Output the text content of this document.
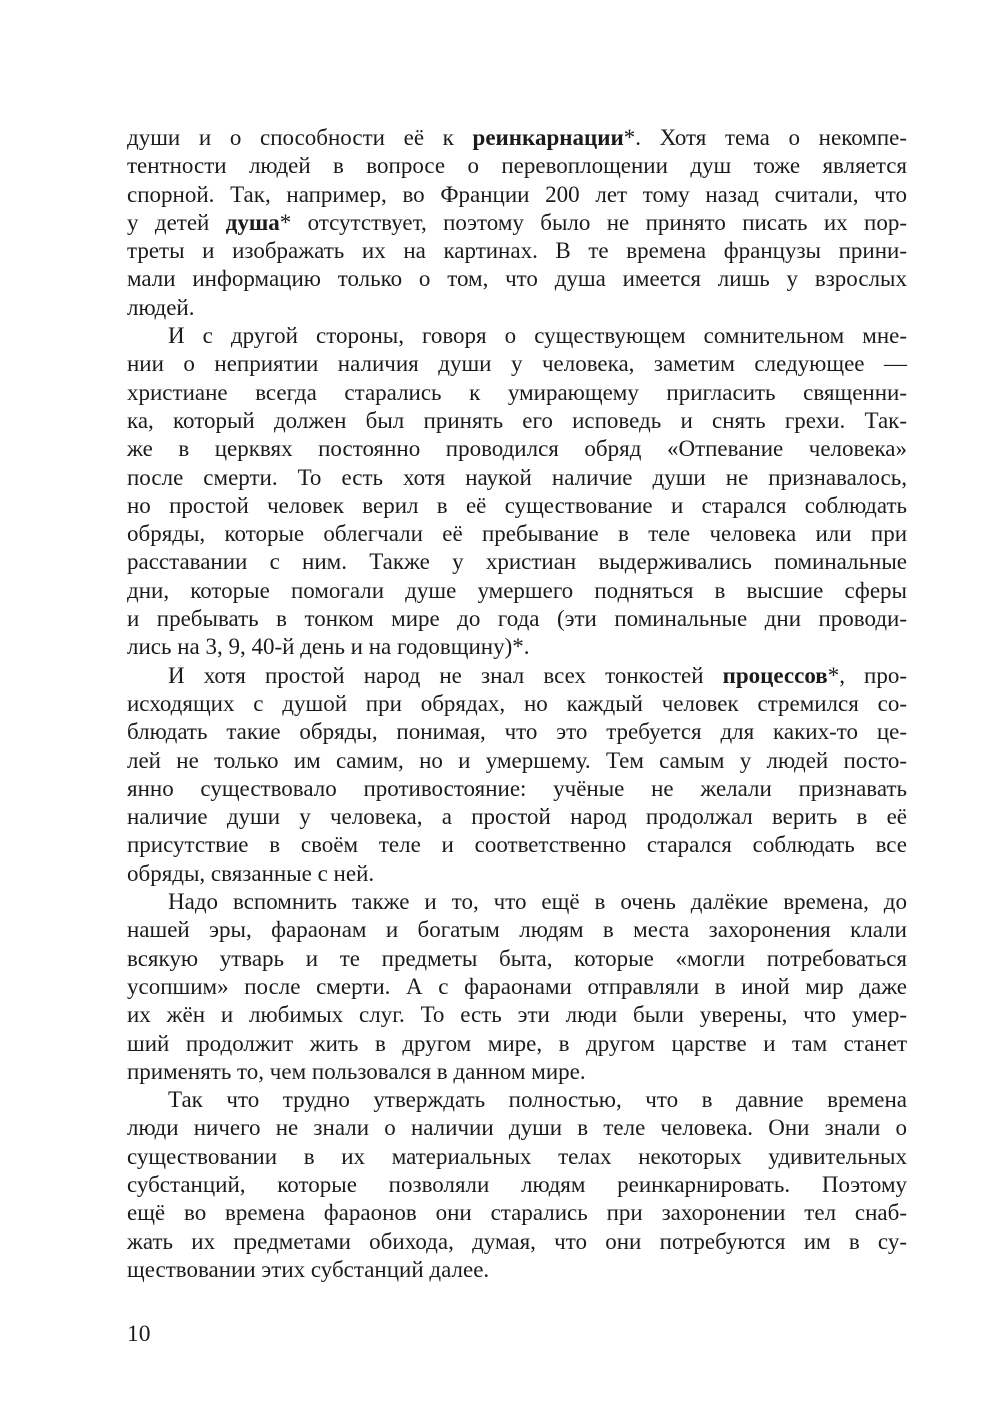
души и о способности её к реинкарнации*. Хотя тема о некомпе-
тентности людей в вопросе о перевоплощении душ тоже является
спорной. Так, например, во Франции 200 лет тому назад считали, что
у детей душа* отсутствует, поэтому было не принято писать их пор-
треты и изображать их на картинах. В те времена французы прини-
мали информацию только о том, что душа имеется лишь у взрослых
людей.
И с другой стороны, говоря о существующем сомнительном мне-
нии о неприятии наличия души у человека, заметим следующее —
христиане всегда старались к умирающему пригласить священни-
ка, который должен был принять его исповедь и снять грехи. Так-
же в церквях постоянно проводился обряд «Отпевание человека»
после смерти. То есть хотя наукой наличие души не признавалось,
но простой человек верил в её существование и старался соблюдать
обряды, которые облегчали её пребывание в теле человека или при
расставании с ним. Также у христиан выдерживались поминальные
дни, которые помогали душе умершего подняться в высшие сферы
и пребывать в тонком мире до года (эти поминальные дни проводи-
лись на 3, 9, 40-й день и на годовщину)*.
И хотя простой народ не знал всех тонкостей процессов*, про-
исходящих с душой при обрядах, но каждый человек стремился со-
блюдать такие обряды, понимая, что это требуется для каких-то це-
лей не только им самим, но и умершему. Тем самым у людей посто-
янно существовало противостояние: учёные не желали признавать
наличие души у человека, а простой народ продолжал верить в её
присутствие в своём теле и соответственно старался соблюдать все
обряды, связанные с ней.
Надо вспомнить также и то, что ещё в очень далёкие времена, до
нашей эры, фараонам и богатым людям в места захоронения клали
всякую утварь и те предметы быта, которые «могли потребоваться
усопшим» после смерти. А с фараонами отправляли в иной мир даже
их жён и любимых слуг. То есть эти люди были уверены, что умер-
ший продолжит жить в другом мире, в другом царстве и там станет
применять то, чем пользовался в данном мире.
Так что трудно утверждать полностью, что в давние времена
люди ничего не знали о наличии души в теле человека. Они знали о
существовании в их материальных телах некоторых удивительных
субстанций, которые позволяли людям реинкарнировать. Поэтому
ещё во времена фараонов они старались при захоронении тел снаб-
жать их предметами обихода, думая, что они потребуются им в су-
ществовании этих субстанций далее.
10
